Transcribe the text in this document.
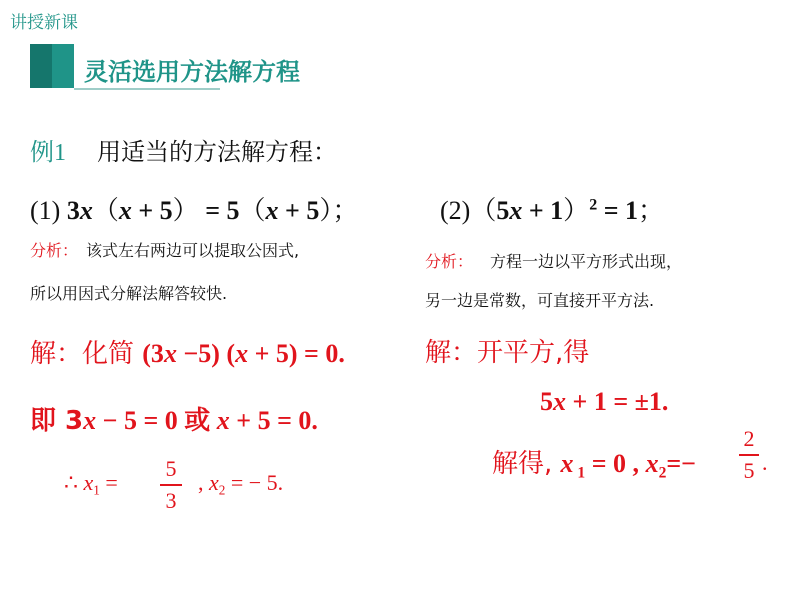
讲授新课
灵活选用方法解方程
例1 用适当的方法解方程：
(1) 3x（x + 5） = 5（x + 5）；	$(2)(5x + 1)^2 = 1$；
分析： 该式左右两边可以提取公因式,
所以用因式分解法解答较快.
分析： 方程一边以平方形式出现，
另一边是常数，可直接开平方法.
解：化简 (3x −5) (x + 5) = 0.
即 3x − 5 = 0 或 x + 5 = 0.
∴ $x_1$ =
5
3
, $x_2$ = − 5.
解：开平方,得
5x + 1 = ±1.
解得, x $_1$ = 0 , $x_2=-$
2
5 .
